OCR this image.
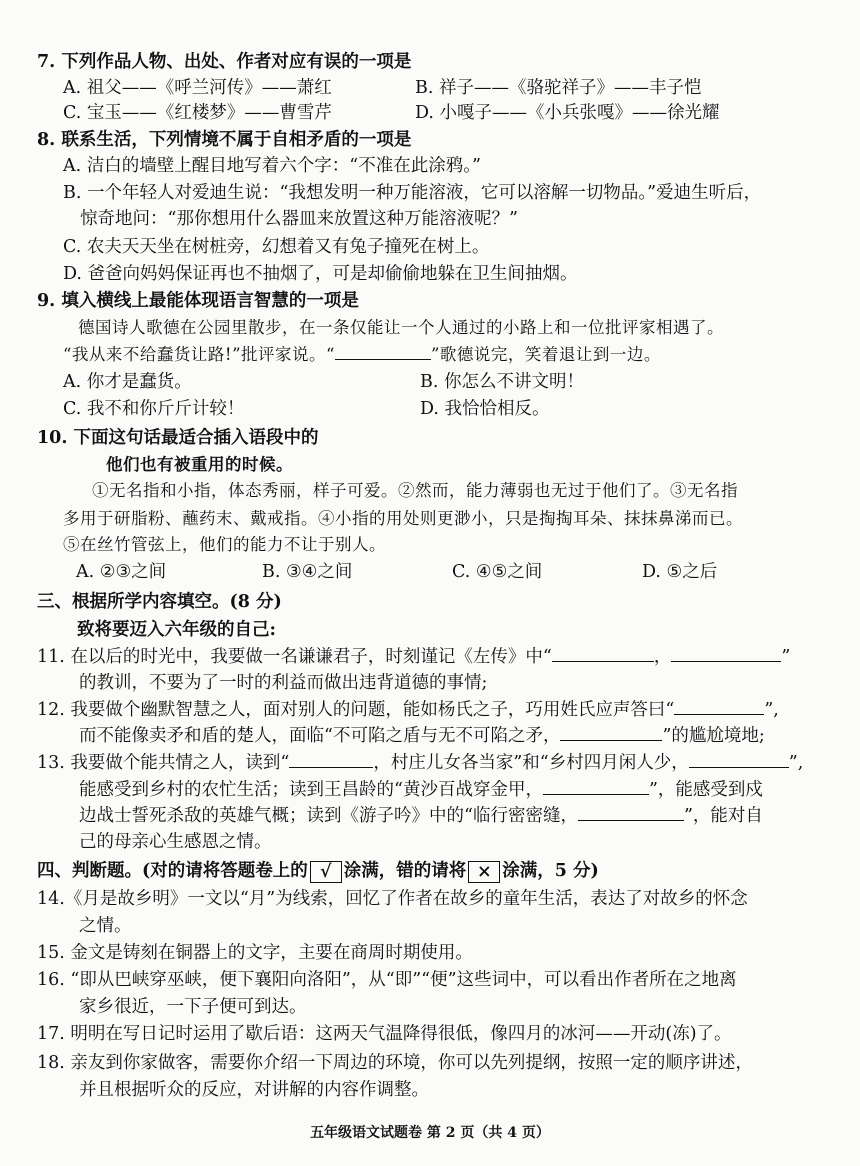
7. 下列作品人物、出处、作者对应有误的一项是
A. 祖父——《呼兰河传》——萧红	B. 祥子——《骆驼祥子》——丰子恺
C. 宝玉——《红楼梦》——曹雪芹	D. 小嘎子——《小兵张嘎》——徐光耀
8. 联系生活，下列情境不属于自相矛盾的一项是
A. 洁白的墙壁上醒目地写着六个字：“不准在此涂鸦。”
B. 一个年轻人对爱迪生说：“我想发明一种万能溶液，它可以溶解一切物品。”爱迪生听后，
惊奇地问：“那你想用什么器皿来放置这种万能溶液呢？”
C. 农夫天天坐在树桩旁，幻想着又有兔子撞死在树上。
D. 爸爸向妈妈保证再也不抽烟了，可是却偷偷地躲在卫生间抽烟。
9. 填入横线上最能体现语言智慧的一项是
德国诗人歌德在公园里散步，在一条仅能让一个人通过的小路上和一位批评家相遇了。
“我从来不给蠢货让路!”批评家说。“	”歌德说完，笑着退让到一边。
A. 你才是蠢货。	B. 你怎么不讲文明！
C. 我不和你斤斤计较！	D. 我恰恰相反。
10. 下面这句话最适合插入语段中的
他们也有被重用的时候。
①无名指和小指，体态秀丽，样子可爱。②然而，能力薄弱也无过于他们了。③无名指
多用于研脂粉、蘸药末、戴戒指。④小指的用处则更渺小，只是掏掏耳朵、抹抹鼻涕而已。
⑤在丝竹管弦上，他们的能力不让于别人。
A. ②③之间	B. ③④之间	C. ④⑤之间	D. ⑤之后
三、根据所学内容填空。(8 分)
致将要迈入六年级的自己:
11. 在以后的时光中，我要做一名谦谦君子，时刻谨记《左传》中“	，	”
的教训，不要为了一时的利益而做出违背道德的事情;
12. 我要做个幽默智慧之人，面对别人的问题，能如杨氏之子，巧用姓氏应声答曰“	”,
而不能像卖矛和盾的楚人，面临“不可陷之盾与无不可陷之矛，	”的尴尬境地;
13. 我要做个能共情之人，读到“	，村庄儿女各当家”和“乡村四月闲人少，	”,
能感受到乡村的农忙生活；读到王昌龄的“黄沙百战穿金甲，	”，能感受到戍
边战士誓死杀敌的英雄气概；读到《游子吟》中的“临行密密缝，	”，能对自
己的母亲心生感恩之情。
四、判断题。(对的请将答题卷上的 √ 涂满，错的请将 × 涂满，5 分)
14.《月是故乡明》一文以“月”为线索，回忆了作者在故乡的童年生活，表达了对故乡的怀念
之情。
15. 金文是铸刻在铜器上的文字，主要在商周时期使用。
16. “即从巴峡穿巫峡，便下襄阳向洛阳”，从“即”“便”这些词中，可以看出作者所在之地离
家乡很近，一下子便可到达。
17. 明明在写日记时运用了歇后语：这两天气温降得很低，像四月的冰河——开动(冻)了。
18. 亲友到你家做客，需要你介绍一下周边的环境，你可以先列提纲，按照一定的顺序讲述，
并且根据听众的反应，对讲解的内容作调整。
五年级语文试题卷 第 2 页（共 4 页）
